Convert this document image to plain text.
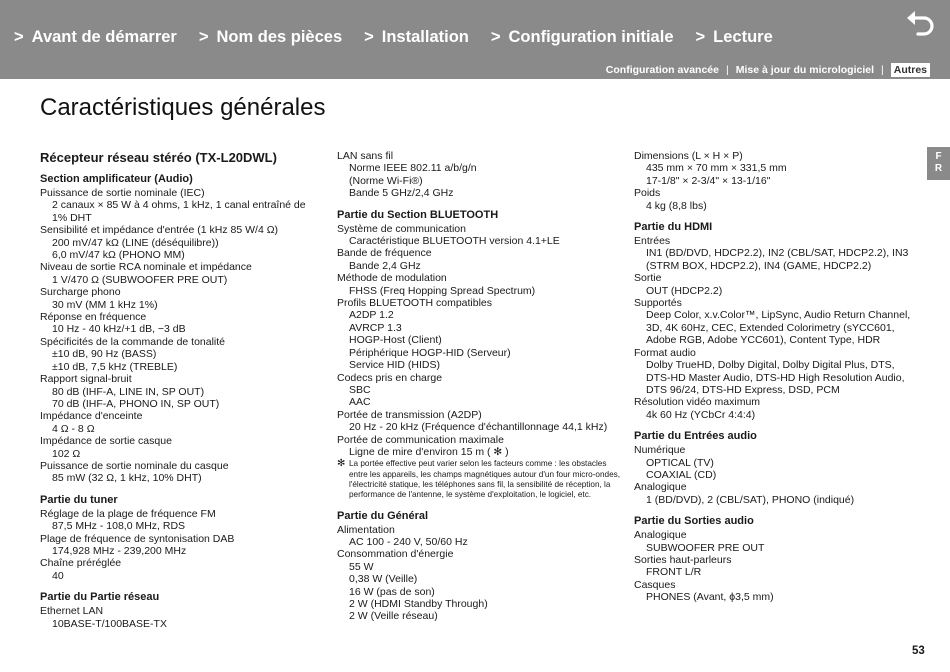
> Avant de démarrer > Nom des pièces > Installation > Configuration initiale > Lecture
Configuration avancée | Mise à jour du micrologiciel | Autres
Caractéristiques générales
F
R
Récepteur réseau stéréo (TX-L20DWL)
Section amplificateur (Audio)
Puissance de sortie nominale (IEC)
2 canaux × 85 W à 4 ohms, 1 kHz, 1 canal entraîné de
1% DHT
Sensibilité et impédance d'entrée (1 kHz 85 W/4 Ω)
200 mV/47 kΩ (LINE (déséquilibre))
6,0 mV/47 kΩ (PHONO MM)
Niveau de sortie RCA nominale et impédance
1 V/470 Ω (SUBWOOFER PRE OUT)
Surcharge phono
30 mV (MM 1 kHz 1%)
Réponse en fréquence
10 Hz - 40 kHz/+1 dB, −3 dB
Spécificités de la commande de tonalité
±10 dB, 90 Hz (BASS)
±10 dB, 7,5 kHz (TREBLE)
Rapport signal-bruit
80 dB (IHF-A, LINE IN, SP OUT)
70 dB (IHF-A, PHONO IN, SP OUT)
Impédance d'enceinte
4 Ω - 8 Ω
Impédance de sortie casque
102 Ω
Puissance de sortie nominale du casque
85 mW (32 Ω, 1 kHz, 10% DHT)
Partie du tuner
Réglage de la plage de fréquence FM
87,5 MHz - 108,0 MHz, RDS
Plage de fréquence de syntonisation DAB
174,928 MHz - 239,200 MHz
Chaîne préréglée
40
Partie du Partie réseau
Ethernet LAN
10BASE-T/100BASE-TX
LAN sans fil
Norme IEEE 802.11 a/b/g/n
(Norme Wi-Fi®)
Bande 5 GHz/2,4 GHz
Partie du Section BLUETOOTH
Système de communication
Caractéristique BLUETOOTH version 4.1+LE
Bande de fréquence
Bande 2,4 GHz
Méthode de modulation
FHSS (Freq Hopping Spread Spectrum)
Profils BLUETOOTH compatibles
A2DP 1.2
AVRCP 1.3
HOGP-Host (Client)
Périphérique HOGP-HID (Serveur)
Service HID (HIDS)
Codecs pris en charge
SBC
AAC
Portée de transmission (A2DP)
20 Hz - 20 kHz (Fréquence d'échantillonnage 44,1 kHz)
Portée de communication maximale
Ligne de mire d'environ 15 m ( ✻ )
✻ La portée effective peut varier selon les facteurs comme : les obstacles entre les appareils, les champs magnétiques autour d'un four micro-ondes, l'électricité statique, les téléphones sans fil, la sensibilité de réception, la performance de l'antenne, le système d'exploitation, le logiciel, etc.
Partie du Général
Alimentation
AC 100 - 240 V, 50/60 Hz
Consommation d'énergie
55 W
0,38 W (Veille)
16 W (pas de son)
2 W (HDMI Standby Through)
2 W (Veille réseau)
Dimensions (L × H × P)
435 mm × 70 mm × 331,5 mm
17-1/8" × 2-3/4" × 13-1/16"
Poids
4 kg (8,8 lbs)
Partie du HDMI
Entrées
IN1 (BD/DVD, HDCP2.2), IN2 (CBL/SAT, HDCP2.2), IN3
(STRM BOX, HDCP2.2), IN4 (GAME, HDCP2.2)
Sortie
OUT (HDCP2.2)
Supportés
Deep Color, x.v.Color™, LipSync, Audio Return Channel,
3D, 4K 60Hz, CEC, Extended Colorimetry (sYCC601,
Adobe RGB, Adobe YCC601), Content Type, HDR
Format audio
Dolby TrueHD, Dolby Digital, Dolby Digital Plus, DTS,
DTS-HD Master Audio, DTS-HD High Resolution Audio,
DTS 96/24, DTS-HD Express, DSD, PCM
Résolution vidéo maximum
4k 60 Hz (YCbCr 4:4:4)
Partie du Entrées audio
Numérique
OPTICAL (TV)
COAXIAL (CD)
Analogique
1 (BD/DVD), 2 (CBL/SAT), PHONO (indiqué)
Partie du Sorties audio
Analogique
SUBWOOFER PRE OUT
Sorties haut-parleurs
FRONT L/R
Casques
PHONES (Avant, ϕ3,5 mm)
53
